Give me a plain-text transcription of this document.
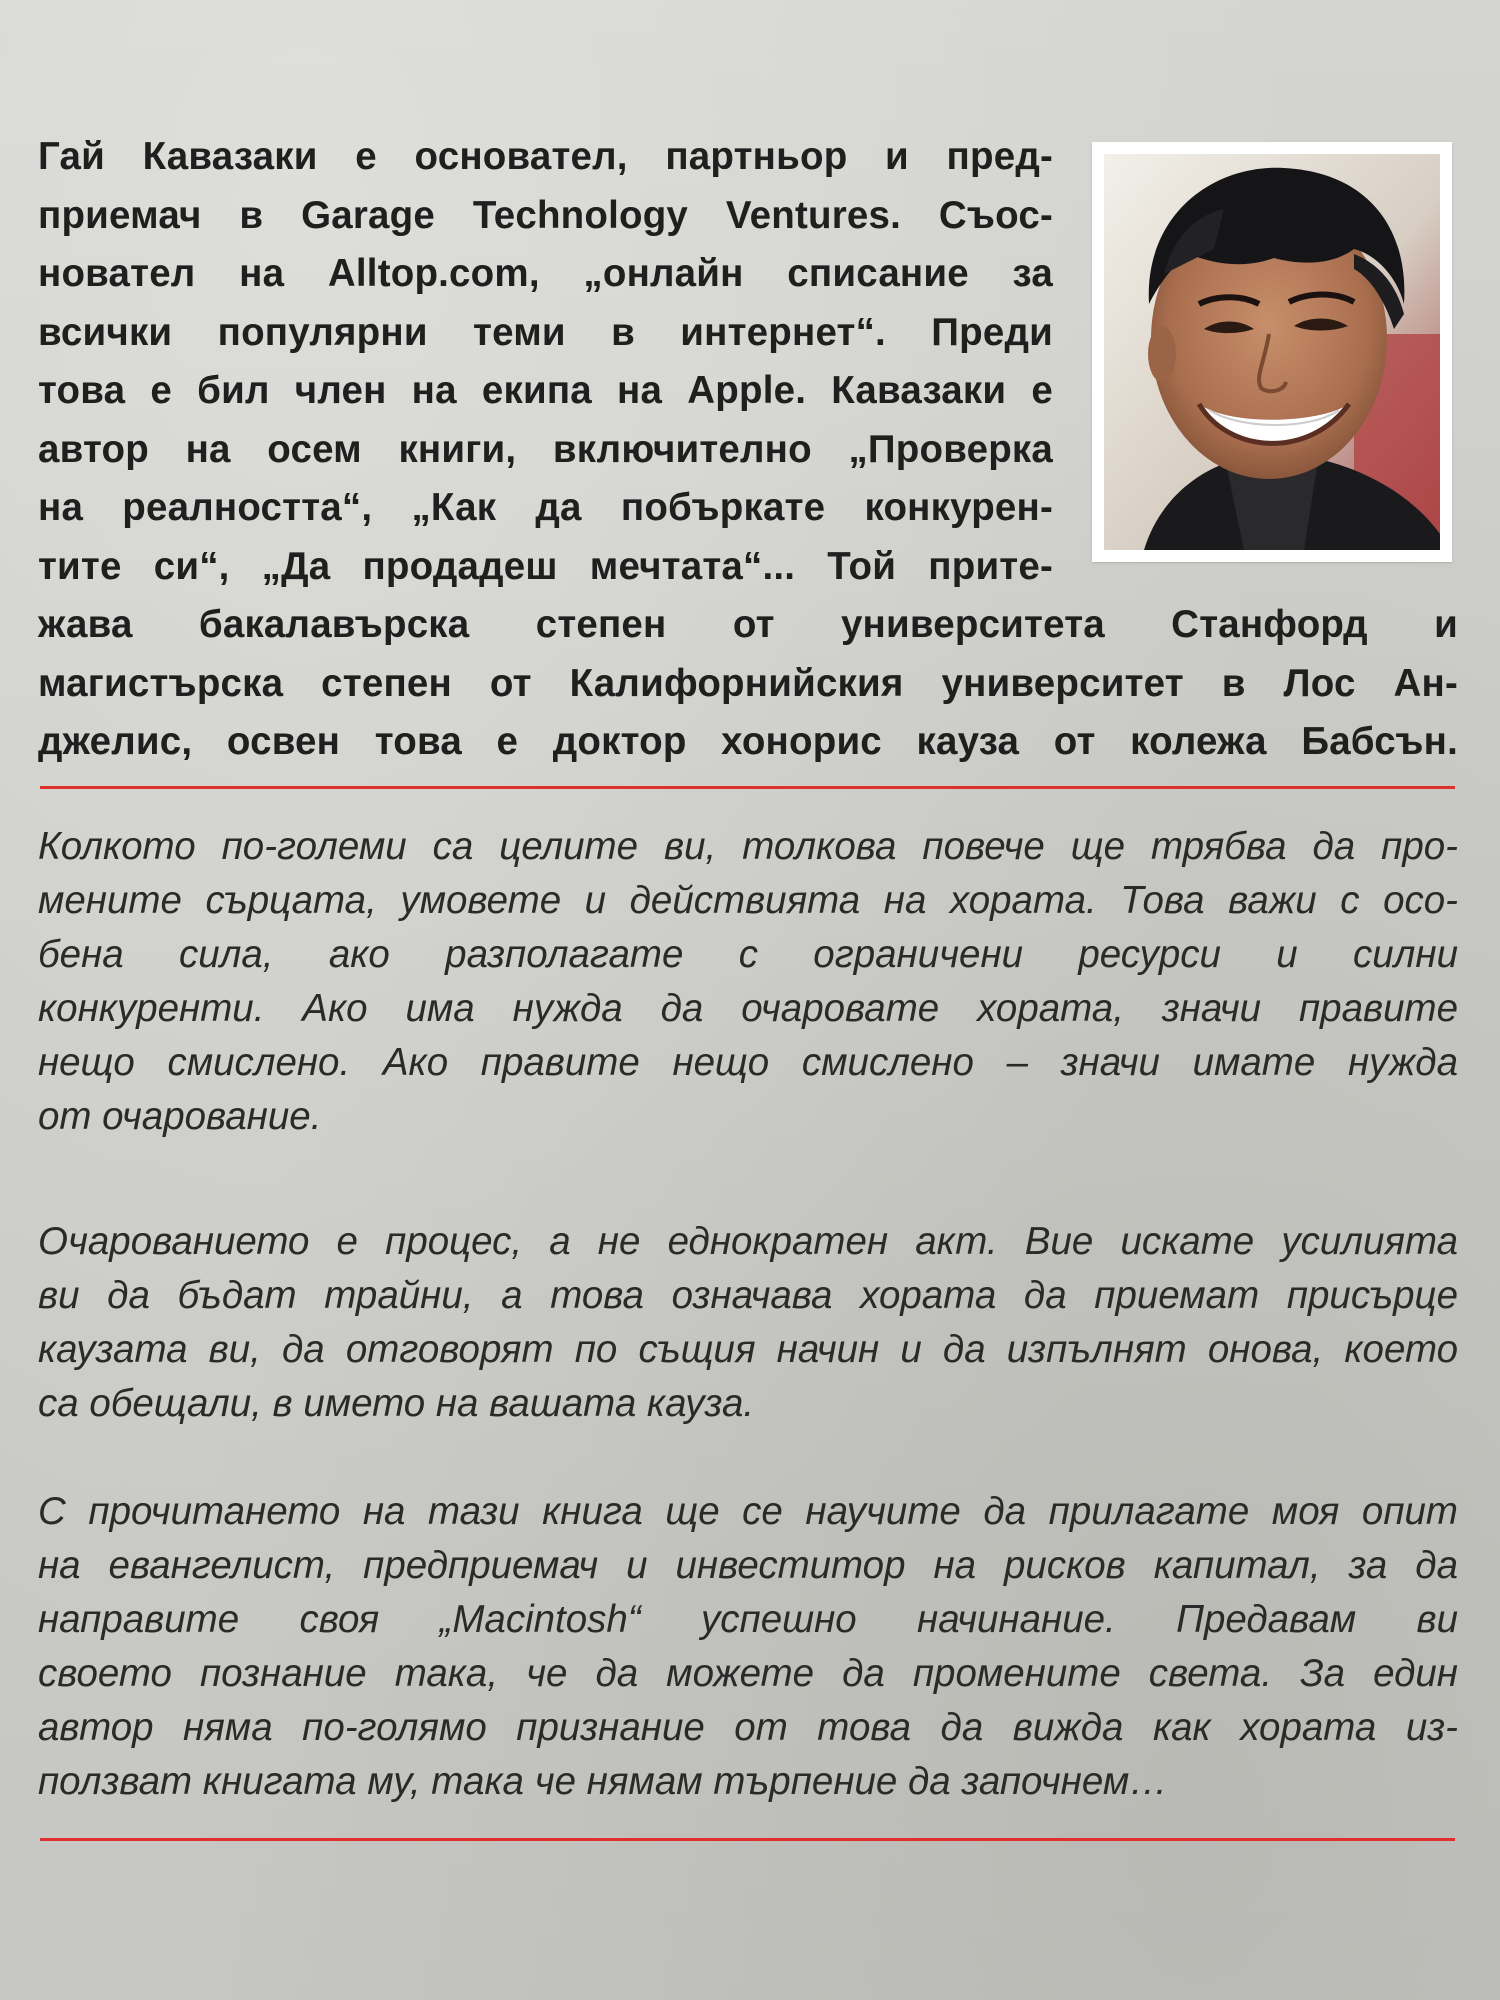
Гай Кавазаки е основател, партньор и пред-
приемач в Garage Technology Ventures. Съос-
новател на Alltop.com, „онлайн списание за
всички популярни теми в интернет“. Преди
това е бил член на екипа на Apple. Кавазаки е
автор на осем книги, включително „Проверка
на реалността“, „Как да побъркате конкурен-
тите си“, „Да продадеш мечтата“... Той прите-
жава бакалавърска степен от университета Станфорд и
магистърска степен от Калифорнийския университет в Лос Ан-
джелис, освен това е доктор хонорис кауза от колежа Бабсън.
Колкото по-големи са целите ви, толкова повече ще трябва да про-
мените сърцата, умовете и действията на хората. Това важи с осо-
бена сила, ако разполагате с ограничени ресурси и силни
конкуренти. Ако има нужда да очаровате хората, значи правите
нещо смислено. Ако правите нещо смислено – значи имате нужда
от очарование.
Очарованието е процес, а не еднократен акт. Вие искате усилията
ви да бъдат трайни, а това означава хората да приемат присърце
каузата ви, да отговорят по същия начин и да изпълнят онова, което
са обещали, в името на вашата кауза.
С прочитането на тази книга ще се научите да прилагате моя опит
на евангелист, предприемач и инвеститор на рисков капитал, за да
направите своя „Macintosh“ успешно начинание. Предавам ви
своето познание така, че да можете да промените света. За един
автор няма по-голямо признание от това да вижда как хората из-
ползват книгата му, така че нямам търпение да започнем…
